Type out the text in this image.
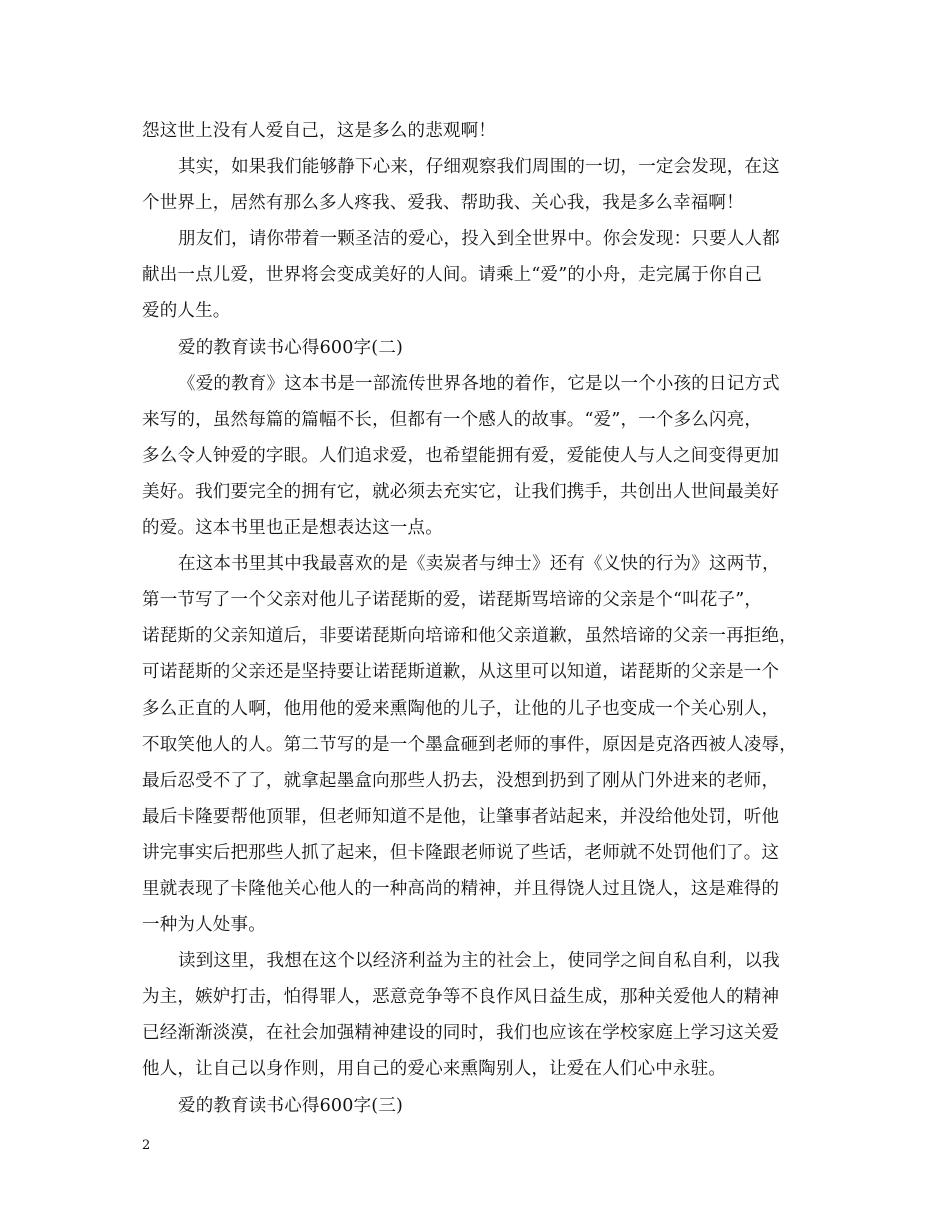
怨这世上没有人爱自己，这是多么的悲观啊！
其实，如果我们能够静下心来，仔细观察我们周围的一切，一定会发现，在这
个世界上，居然有那么多人疼我、爱我、帮助我、关心我，我是多么幸福啊！
朋友们，请你带着一颗圣洁的爱心，投入到全世界中。你会发现：只要人人都
献出一点儿爱，世界将会变成美好的人间。请乘上“爱”的小舟，走完属于你自己
爱的人生。
爱的教育读书心得600字(二)
《爱的教育》这本书是一部流传世界各地的着作，它是以一个小孩的日记方式
来写的，虽然每篇的篇幅不长，但都有一个感人的故事。“爱”，一个多么闪亮，
多么令人钟爱的字眼。人们追求爱，也希望能拥有爱，爱能使人与人之间变得更加
美好。我们要完全的拥有它，就必须去充实它，让我们携手，共创出人世间最美好
的爱。这本书里也正是想表达这一点。
在这本书里其中我最喜欢的是《卖炭者与绅士》还有《义快的行为》这两节，
第一节写了一个父亲对他儿子诺琵斯的爱，诺琵斯骂培谛的父亲是个“叫花子”，
诺琵斯的父亲知道后，非要诺琵斯向培谛和他父亲道歉，虽然培谛的父亲一再拒绝，
可诺琵斯的父亲还是坚持要让诺琵斯道歉，从这里可以知道，诺琵斯的父亲是一个
多么正直的人啊，他用他的爱来熏陶他的儿子，让他的儿子也变成一个关心别人，
不取笑他人的人。第二节写的是一个墨盒砸到老师的事件，原因是克洛西被人凌辱，
最后忍受不了了，就拿起墨盒向那些人扔去，没想到扔到了刚从门外进来的老师，
最后卡隆要帮他顶罪，但老师知道不是他，让肇事者站起来，并没给他处罚，听他
讲完事实后把那些人抓了起来，但卡隆跟老师说了些话，老师就不处罚他们了。这
里就表现了卡隆他关心他人的一种高尚的精神，并且得饶人过且饶人，这是难得的
一种为人处事。
读到这里，我想在这个以经济利益为主的社会上，使同学之间自私自利，以我
为主，嫉妒打击，怕得罪人，恶意竞争等不良作风日益生成，那种关爱他人的精神
已经渐渐淡漠，在社会加强精神建设的同时，我们也应该在学校家庭上学习这关爱
他人，让自己以身作则，用自己的爱心来熏陶别人，让爱在人们心中永驻。
爱的教育读书心得600字(三)
2
